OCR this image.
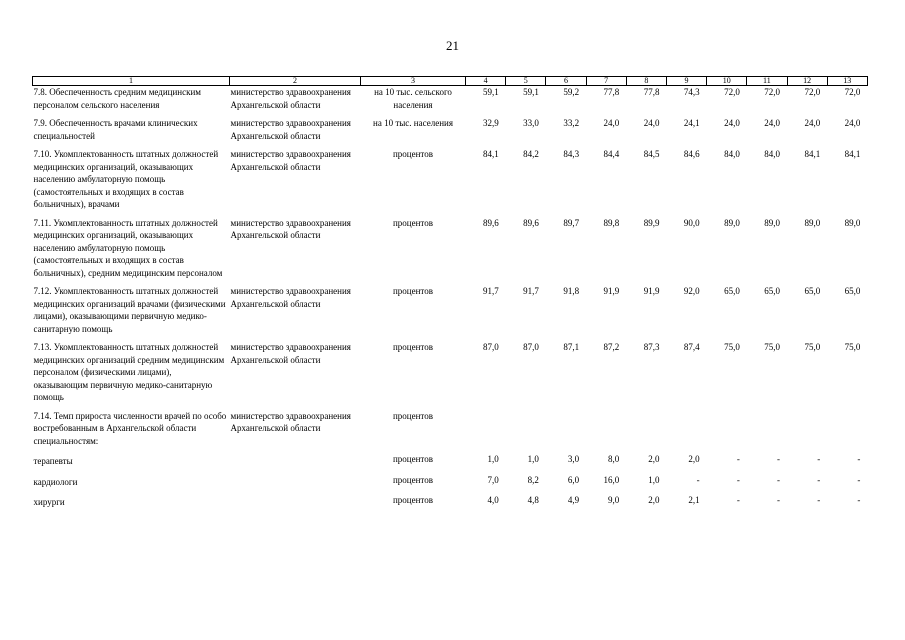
21
1	2	3	4	5	6	7	8	9	10	11	12	13
7.8. Обеспеченность средним медицинским персоналом сельского населения	министерство здравоохранения Архангельской области	на 10 тыс. сельского населения	59,1	59,1	59,2	77,8	77,8	74,3	72,0	72,0	72,0	72,0
7.9. Обеспеченность врачами клинических специальностей	министерство здравоохранения Архангельской области	на 10 тыс. населения	32,9	33,0	33,2	24,0	24,0	24,1	24,0	24,0	24,0	24,0
7.10. Укомплектованность штатных должностей медицинских организаций, оказывающих населению амбулаторную помощь (самостоятельных и входящих в состав больничных), врачами	министерство здравоохранения Архангельской области	процентов	84,1	84,2	84,3	84,4	84,5	84,6	84,0	84,0	84,1	84,1
7.11. Укомплектованность штатных должностей медицинских организаций, оказывающих населению амбулаторную помощь (самостоятельных и входящих в состав больничных), средним медицинским персоналом	министерство здравоохранения Архангельской области	процентов	89,6	89,6	89,7	89,8	89,9	90,0	89,0	89,0	89,0	89,0
7.12. Укомплектованность штатных должностей медицинских организаций врачами (физическими лицами), оказывающими первичную медико-санитарную помощь	министерство здравоохранения Архангельской области	процентов	91,7	91,7	91,8	91,9	91,9	92,0	65,0	65,0	65,0	65,0
7.13. Укомплектованность штатных должностей медицинских организаций средним медицинским персоналом (физическими лицами), оказывающим первичную медико-санитарную помощь	министерство здравоохранения Архангельской области	процентов	87,0	87,0	87,1	87,2	87,3	87,4	75,0	75,0	75,0	75,0
7.14. Темп прироста численности врачей по особо востребованным в Архангельской области специальностям:	министерство здравоохранения Архангельской области	процентов										
терапевты		процентов	1,0	1,0	3,0	8,0	2,0	2,0	-	-	-	-
кардиологи		процентов	7,0	8,2	6,0	16,0	1,0	-	-	-	-	-
хирурги		процентов	4,0	4,8	4,9	9,0	2,0	2,1	-	-	-	-
